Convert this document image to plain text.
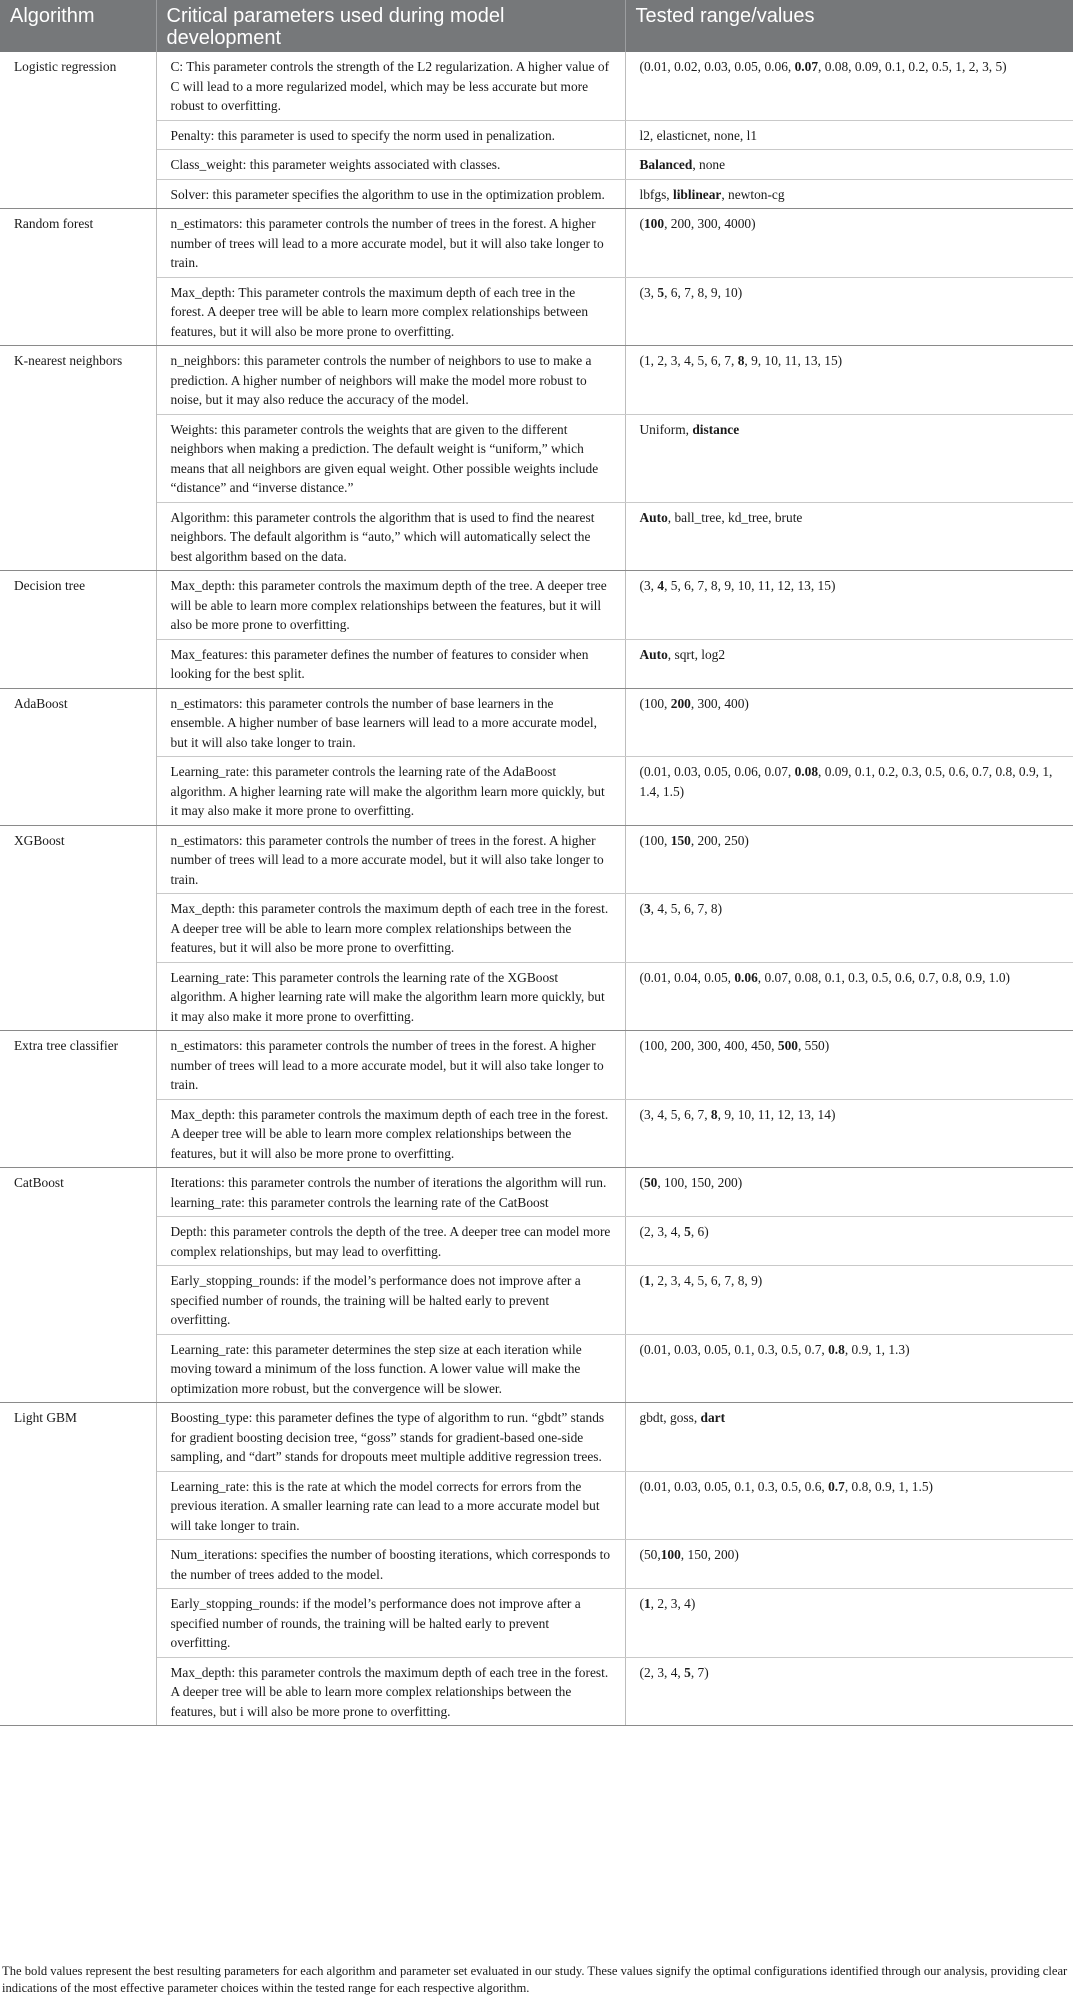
Algorithm	Critical parameters used during model development	Tested range/values
Logistic regression	C: This parameter controls the strength of the L2 regularization. A higher value of C will lead to a more regularized model, which may be less accurate but more robust to overfitting.	(0.01, 0.02, 0.03, 0.05, 0.06, 0.07, 0.08, 0.09, 0.1, 0.2, 0.5, 1, 2, 3, 5)
	Penalty: this parameter is used to specify the norm used in penalization.	l2, elasticnet, none, l1
	Class_weight: this parameter weights associated with classes.	Balanced, none
	Solver: this parameter specifies the algorithm to use in the optimization problem.	lbfgs, liblinear, newton-cg
Random forest	n_estimators: this parameter controls the number of trees in the forest. A higher number of trees will lead to a more accurate model, but it will also take longer to train.	(100, 200, 300, 4000)
	Max_depth: This parameter controls the maximum depth of each tree in the forest. A deeper tree will be able to learn more complex relationships between features, but it will also be more prone to overfitting.	(3, 5, 6, 7, 8, 9, 10)
K-nearest neighbors	n_neighbors: this parameter controls the number of neighbors to use to make a prediction. A higher number of neighbors will make the model more robust to noise, but it may also reduce the accuracy of the model.	(1, 2, 3, 4, 5, 6, 7, 8, 9, 10, 11, 13, 15)
	Weights: this parameter controls the weights that are given to the different neighbors when making a prediction. The default weight is “uniform,” which means that all neighbors are given equal weight. Other possible weights include “distance” and “inverse distance.”	Uniform, distance
	Algorithm: this parameter controls the algorithm that is used to find the nearest neighbors. The default algorithm is “auto,” which will automatically select the best algorithm based on the data.	Auto, ball_tree, kd_tree, brute
Decision tree	Max_depth: this parameter controls the maximum depth of the tree. A deeper tree will be able to learn more complex relationships between the features, but it will also be more prone to overfitting.	(3, 4, 5, 6, 7, 8, 9, 10, 11, 12, 13, 15)
	Max_features: this parameter defines the number of features to consider when looking for the best split.	Auto, sqrt, log2
AdaBoost	n_estimators: this parameter controls the number of base learners in the ensemble. A higher number of base learners will lead to a more accurate model, but it will also take longer to train.	(100, 200, 300, 400)
	Learning_rate: this parameter controls the learning rate of the AdaBoost algorithm. A higher learning rate will make the algorithm learn more quickly, but it may also make it more prone to overfitting.	(0.01, 0.03, 0.05, 0.06, 0.07, 0.08, 0.09, 0.1, 0.2, 0.3, 0.5, 0.6, 0.7, 0.8, 0.9, 1, 1.4, 1.5)
XGBoost	n_estimators: this parameter controls the number of trees in the forest. A higher number of trees will lead to a more accurate model, but it will also take longer to train.	(100, 150, 200, 250)
	Max_depth: this parameter controls the maximum depth of each tree in the forest. A deeper tree will be able to learn more complex relationships between the features, but it will also be more prone to overfitting.	(3, 4, 5, 6, 7, 8)
	Learning_rate: This parameter controls the learning rate of the XGBoost algorithm. A higher learning rate will make the algorithm learn more quickly, but it may also make it more prone to overfitting.	(0.01, 0.04, 0.05, 0.06, 0.07, 0.08, 0.1, 0.3, 0.5, 0.6, 0.7, 0.8, 0.9, 1.0)
Extra tree classifier	n_estimators: this parameter controls the number of trees in the forest. A higher number of trees will lead to a more accurate model, but it will also take longer to train.	(100, 200, 300, 400, 450, 500, 550)
	Max_depth: this parameter controls the maximum depth of each tree in the forest. A deeper tree will be able to learn more complex relationships between the features, but it will also be more prone to overfitting.	(3, 4, 5, 6, 7, 8, 9, 10, 11, 12, 13, 14)
CatBoost	Iterations: this parameter controls the number of iterations the algorithm will run. learning_rate: this parameter controls the learning rate of the CatBoost	(50, 100, 150, 200)
	Depth: this parameter controls the depth of the tree. A deeper tree can model more complex relationships, but may lead to overfitting.	(2, 3, 4, 5, 6)
	Early_stopping_rounds: if the model’s performance does not improve after a specified number of rounds, the training will be halted early to prevent overfitting.	(1, 2, 3, 4, 5, 6, 7, 8, 9)
	Learning_rate: this parameter determines the step size at each iteration while moving toward a minimum of the loss function. A lower value will make the optimization more robust, but the convergence will be slower.	(0.01, 0.03, 0.05, 0.1, 0.3, 0.5, 0.7, 0.8, 0.9, 1, 1.3)
Light GBM	Boosting_type: this parameter defines the type of algorithm to run. “gbdt” stands for gradient boosting decision tree, “goss” stands for gradient-based one-side sampling, and “dart” stands for dropouts meet multiple additive regression trees.	gbdt, goss, dart
	Learning_rate: this is the rate at which the model corrects for errors from the previous iteration. A smaller learning rate can lead to a more accurate model but will take longer to train.	(0.01, 0.03, 0.05, 0.1, 0.3, 0.5, 0.6, 0.7, 0.8, 0.9, 1, 1.5)
	Num_iterations: specifies the number of boosting iterations, which corresponds to the number of trees added to the model.	(50,100, 150, 200)
	Early_stopping_rounds: if the model’s performance does not improve after a specified number of rounds, the training will be halted early to prevent overfitting.	(1, 2, 3, 4)
	Max_depth: this parameter controls the maximum depth of each tree in the forest. A deeper tree will be able to learn more complex relationships between the features, but i will also be more prone to overfitting.	(2, 3, 4, 5, 7)

The bold values represent the best resulting parameters for each algorithm and parameter set evaluated in our study. These values signify the optimal configurations identified through our analysis, providing clear indications of the most effective parameter choices within the tested range for each respective algorithm.
